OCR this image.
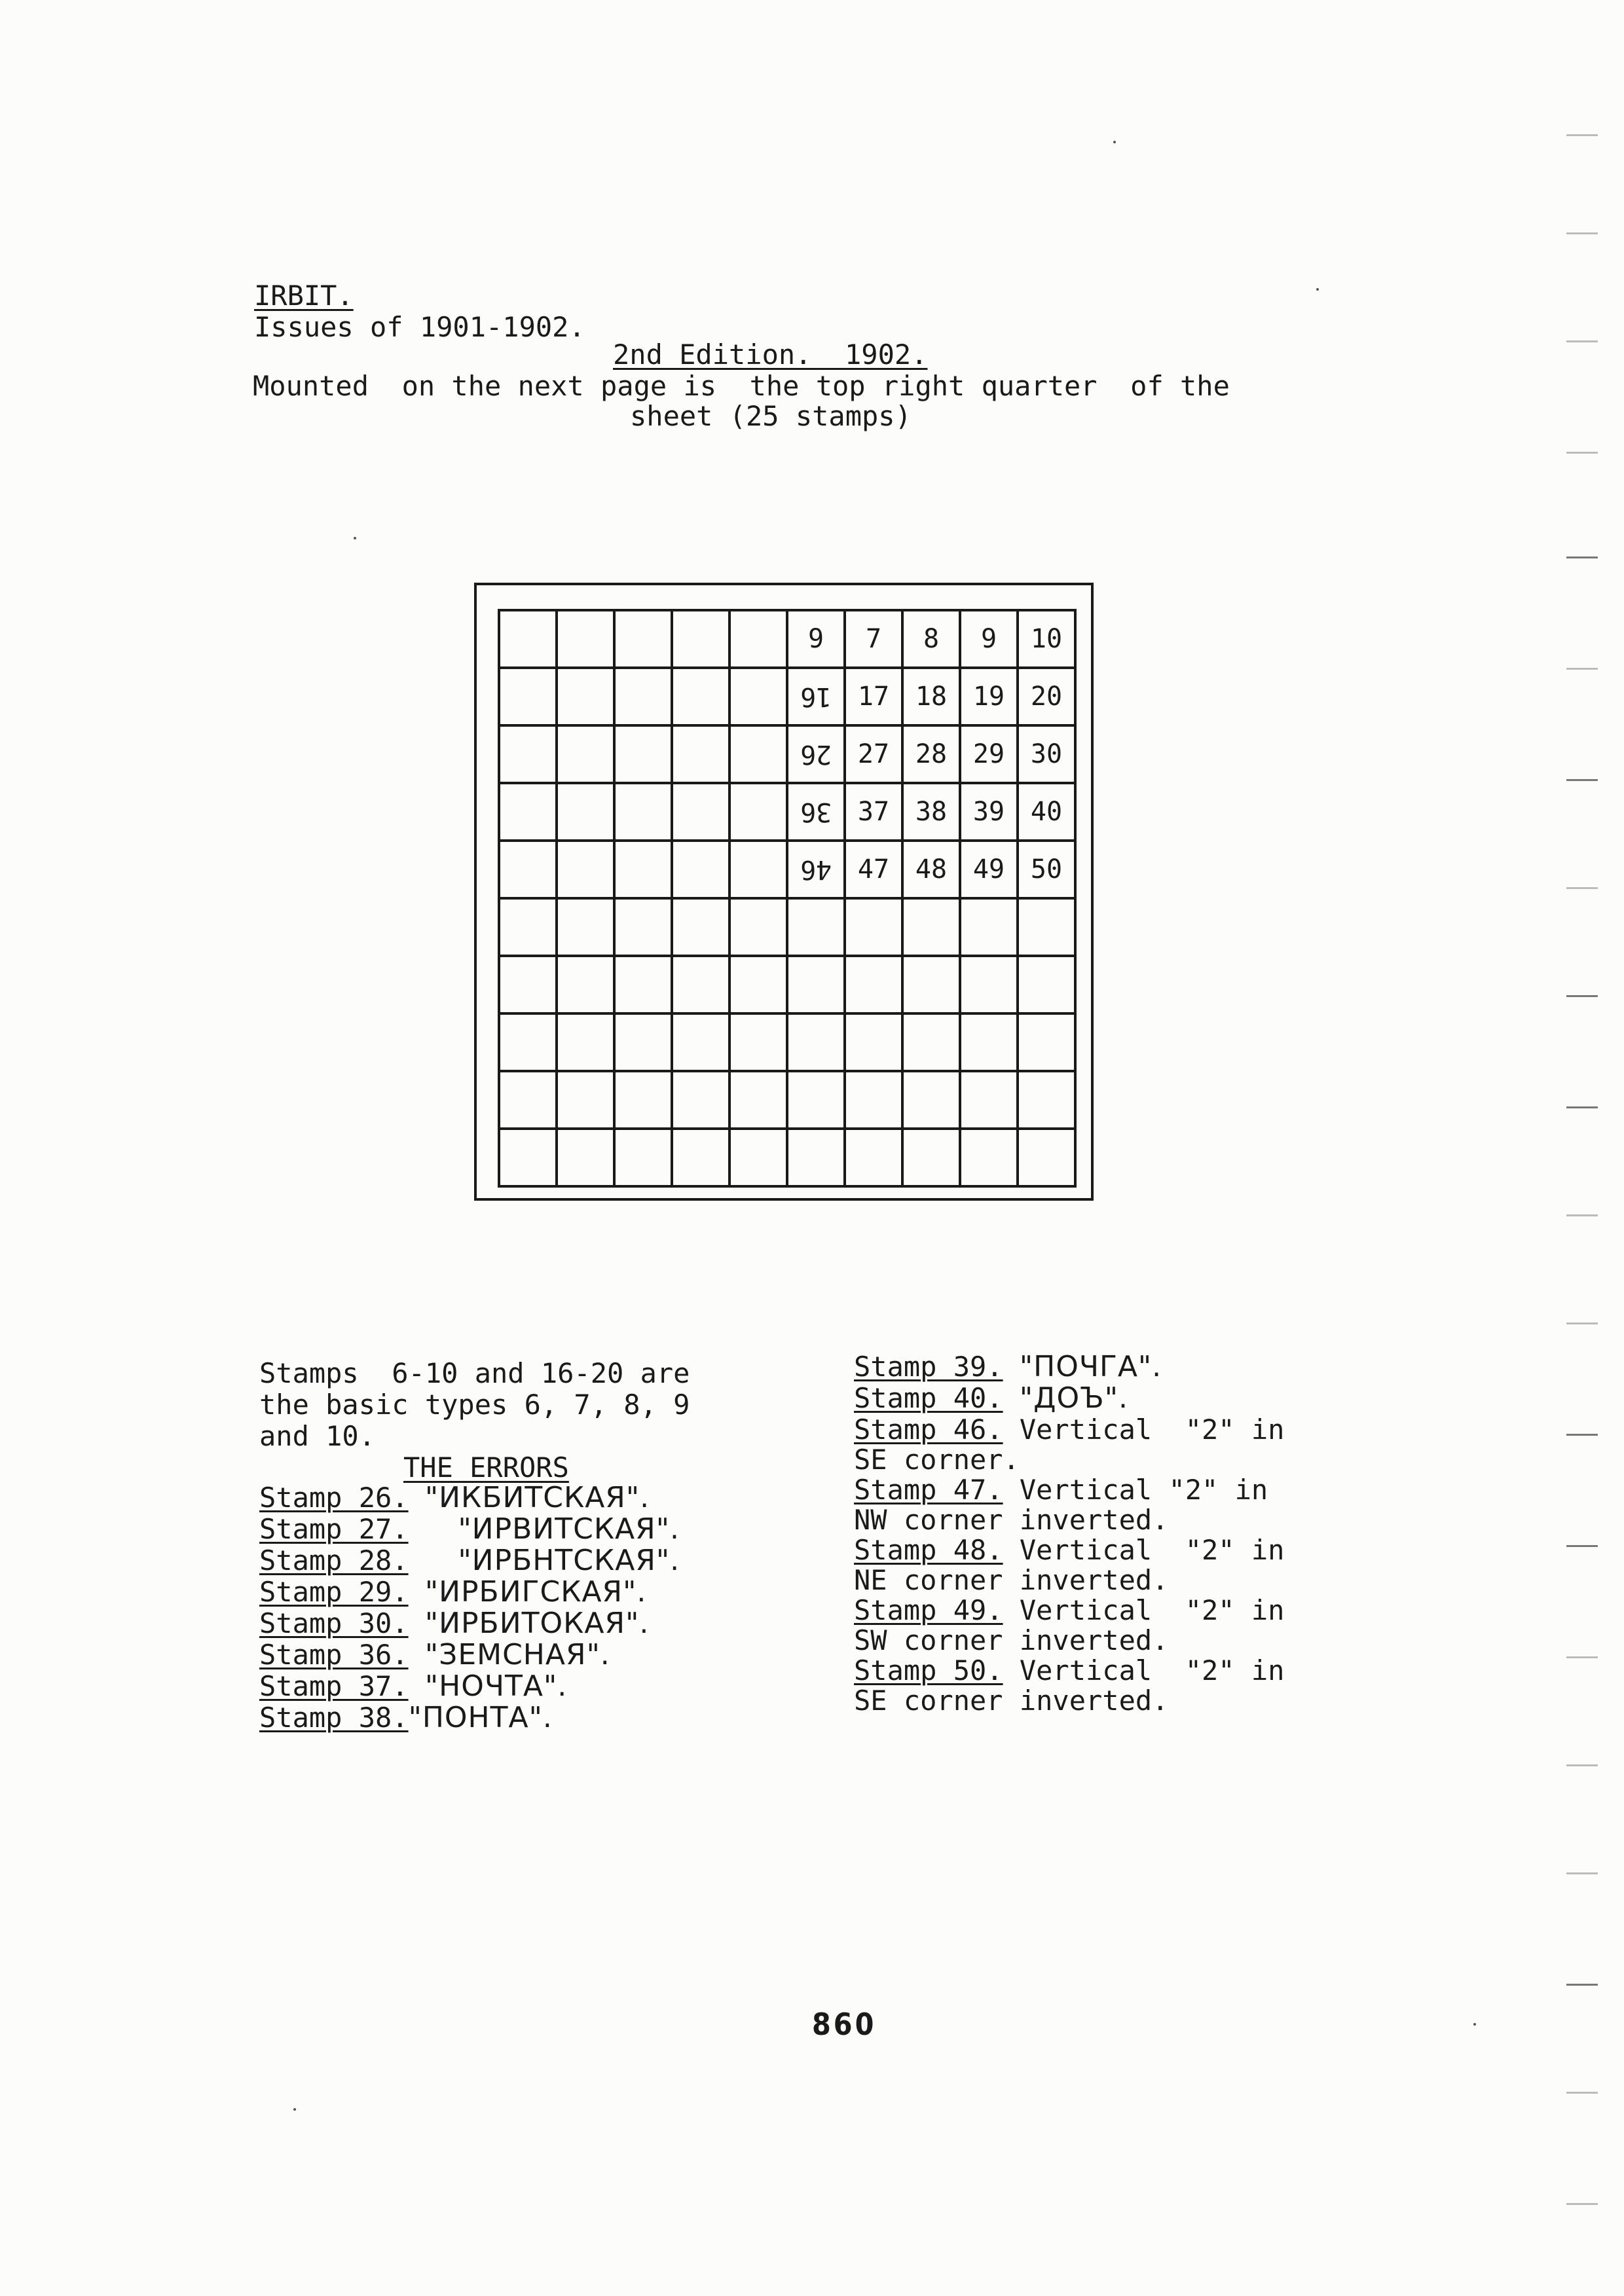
IRBIT.
Issues of 1901-1902.
2nd Edition.  1902.
Mounted  on the next page is  the top right quarter  of the
sheet (25 stamps)
9 7 8 9 10
16 17 18 19 20
26 27 28 29 30
36 37 38 39 40
46 47 48 49 50
Stamps  6-10 and 16-20 are
the basic types 6, 7, 8, 9
and 10.
THE ERRORS
Stamp 26. "ИКБИТСКАЯ".
Stamp 27. "ИРВИТСКАЯ".
Stamp 28. "ИРБНТСКАЯ".
Stamp 29. "ИРБИГСКАЯ".
Stamp 30. "ИРБИТОКАЯ".
Stamp 36. "ЗЕМСНАЯ".
Stamp 37. "НОЧТА".
Stamp 38."ПОНТА".
Stamp 39. "ПОЧГА".
Stamp 40. "ДОЪ".
Stamp 46. Vertical  "2" in
SE corner.
Stamp 47. Vertical "2" in
NW corner inverted.
Stamp 48. Vertical  "2" in
NE corner inverted.
Stamp 49. Vertical  "2" in
SW corner inverted.
Stamp 50. Vertical  "2" in
SE corner inverted.
860
